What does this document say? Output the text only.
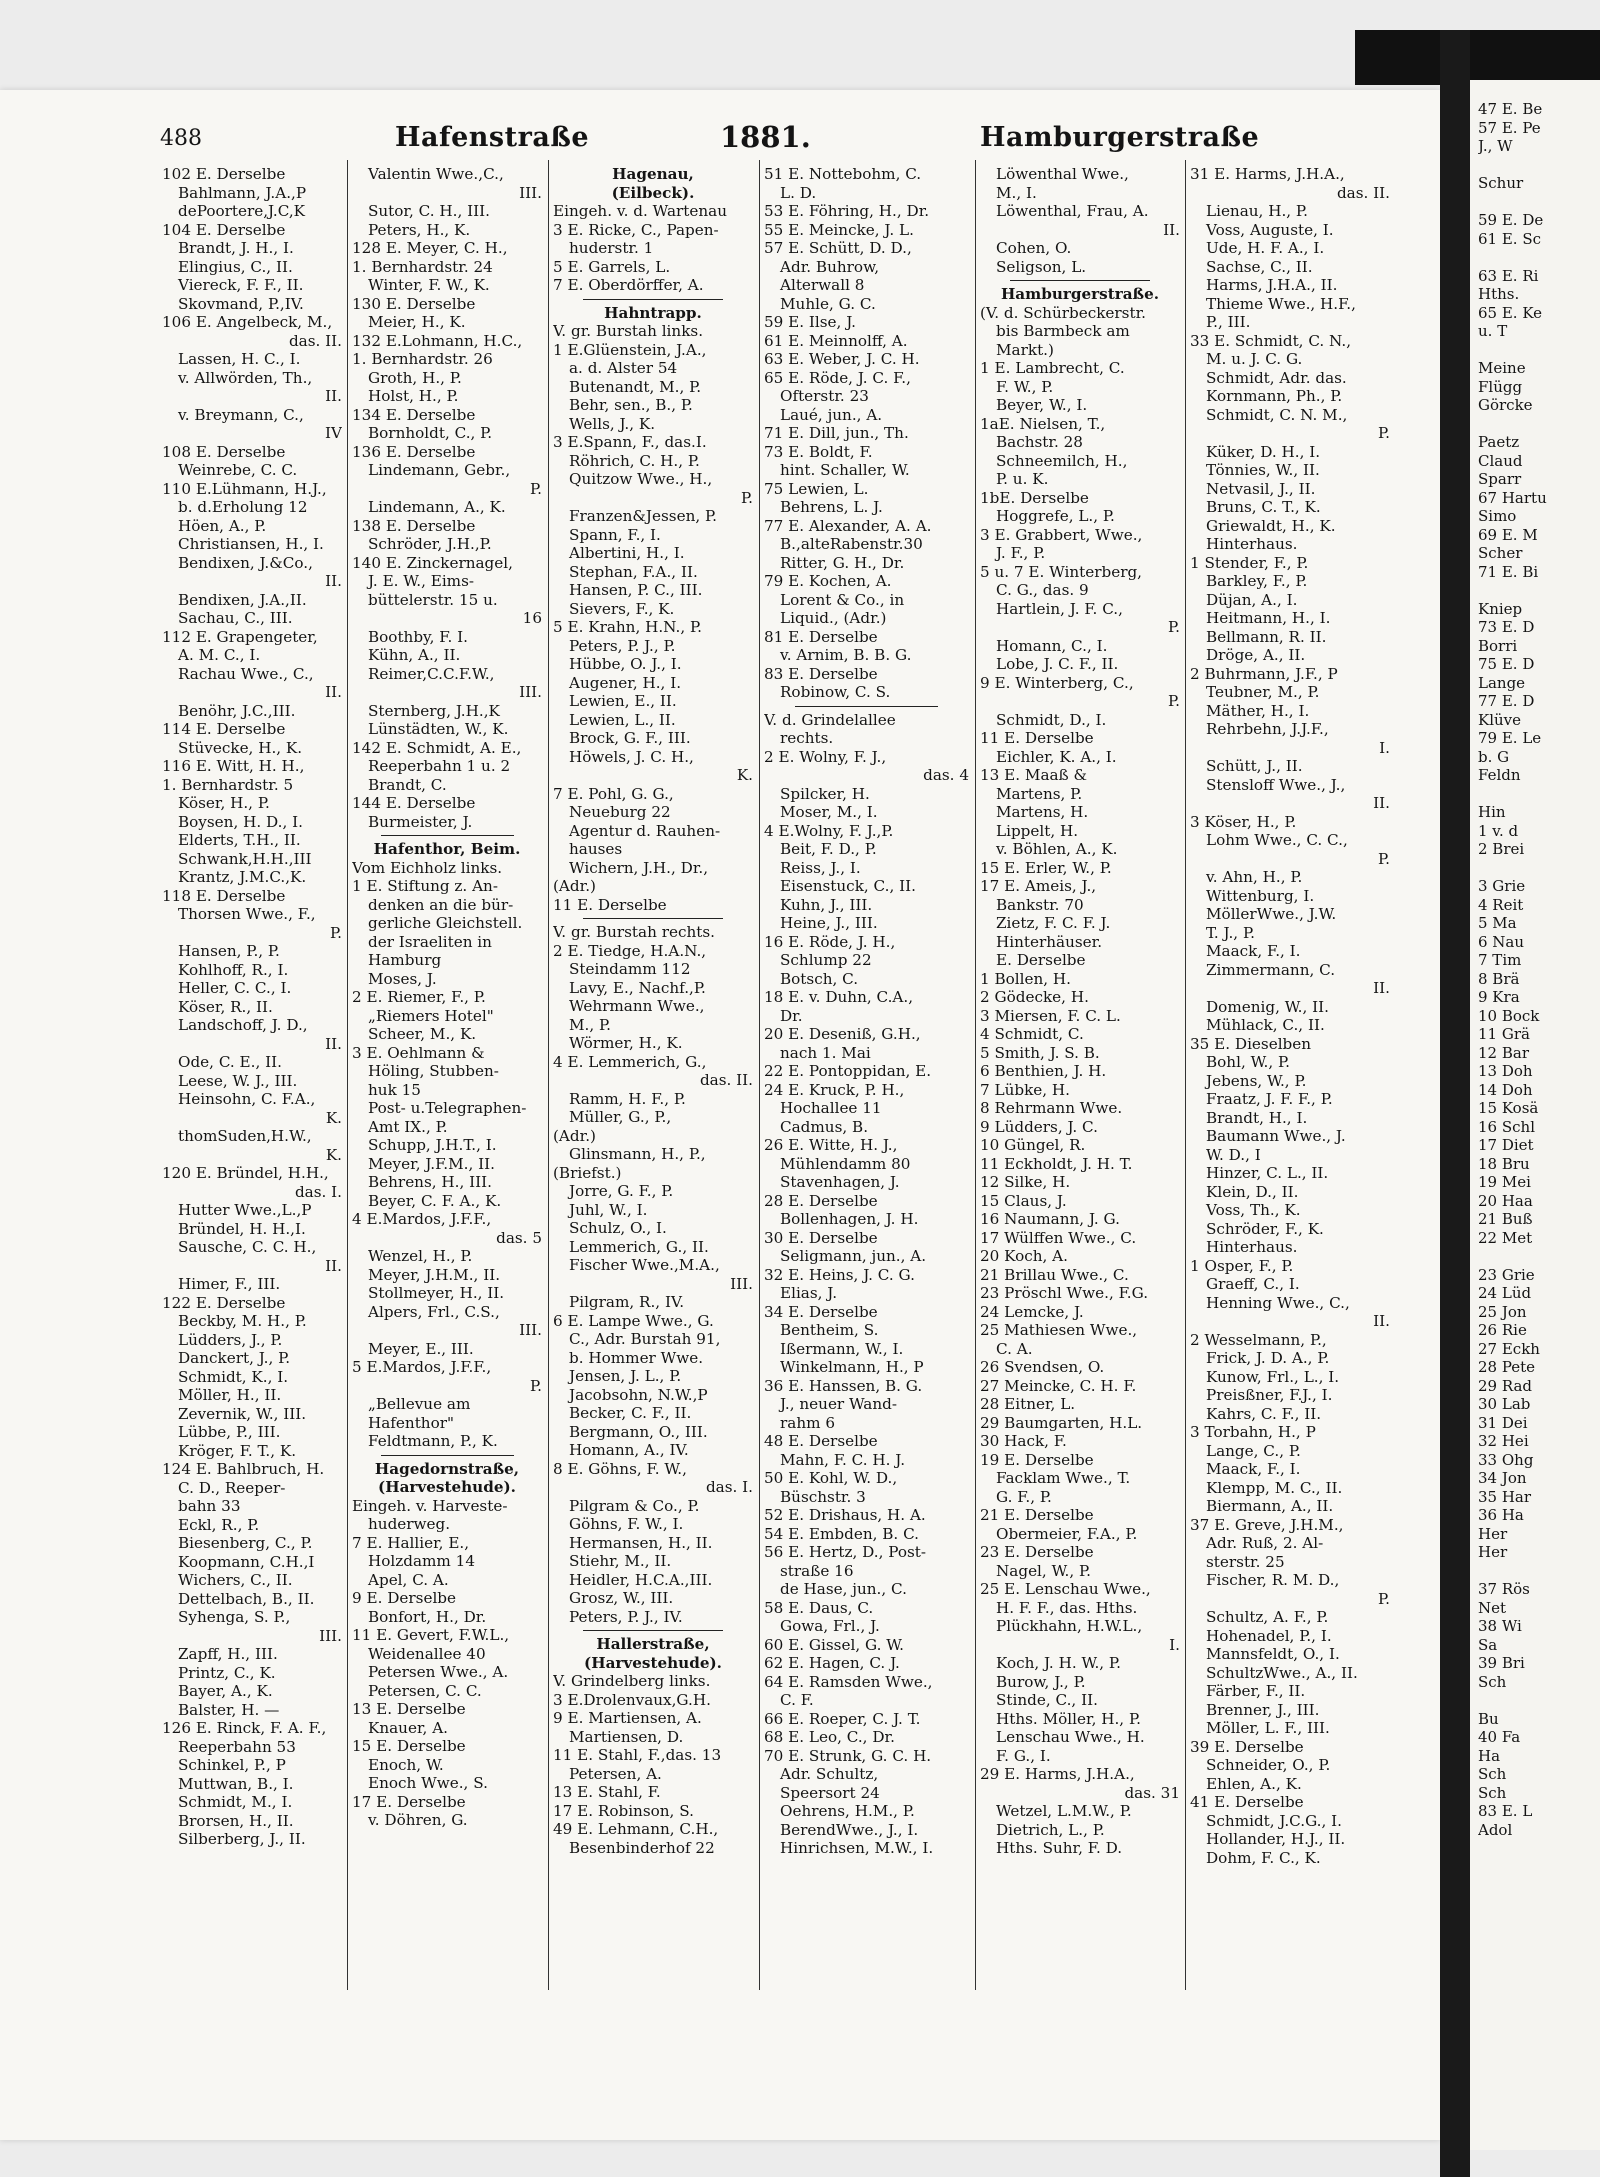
488	Hafenstraße	1881.	Hamburgerstraße
102 E. Derselbe
Bahlmann, J.A.,P
dePoortere,J.C,K
104 E. Derselbe
Brandt, J. H., I.
Elingius, C., II.
Viereck, F. F., II.
Skovmand, P.,IV.
106 E. Angelbeck, M.,
das. II.
Lassen, H. C., I.
v. Allwörden, Th.,
II.
v. Breymann, C.,
IV
108 E. Derselbe
Weinrebe, C. C.
110 E.Lühmann, H.J.,
b. d.Erholung 12
Höen, A., P.
Christiansen, H., I.
Bendixen, J.&Co.,
II.
Bendixen, J.A.,II.
Sachau, C., III.
112 E. Grapengeter,
A. M. C., I.
Rachau Wwe., C.,
II.
Benöhr, J.C.,III.
114 E. Derselbe
Stüvecke, H., K.
116 E. Witt, H. H.,
1. Bernhardstr. 5
Köser, H., P.
Boysen, H. D., I.
Elderts, T.H., II.
Schwank,H.H.,III
Krantz, J.M.C.,K.
118 E. Derselbe
Thorsen Wwe., F.,
P.
Hansen, P., P.
Kohlhoff, R., I.
Heller, C. C., I.
Köser, R., II.
Landschoff, J. D.,
II.
Ode, C. E., II.
Leese, W. J., III.
Heinsohn, C. F.A.,
K.
thomSuden,H.W.,
K.
120 E. Bründel, H.H.,
das. I.
Hutter Wwe.,L.,P
Bründel, H. H.,I.
Sausche, C. C. H.,
II.
Himer, F., III.
122 E. Derselbe
Beckby, M. H., P.
Lüdders, J., P.
Danckert, J., P.
Schmidt, K., I.
Möller, H., II.
Zevernik, W., III.
Lübbe, P., III.
Kröger, F. T., K.
124 E. Bahlbruch, H.
C. D., Reeper-
bahn 33
Eckl, R., P.
Biesenberg, C., P.
Koopmann, C.H.,I
Wichers, C., II.
Dettelbach, B., II.
Syhenga, S. P.,
III.
Zapff, H., III.
Printz, C., K.
Bayer, A., K.
Balster, H. —
126 E. Rinck, F. A. F.,
Reeperbahn 53
Schinkel, P., P
Muttwan, B., I.
Schmidt, M., I.
Brorsen, H., II.
Silberberg, J., II.
Valentin Wwe.,C.,
III.
Sutor, C. H., III.
Peters, H., K.
128 E. Meyer, C. H.,
1. Bernhardstr. 24
Winter, F. W., K.
130 E. Derselbe
Meier, H., K.
132 E.Lohmann, H.C.,
1. Bernhardstr. 26
Groth, H., P.
Holst, H., P.
134 E. Derselbe
Bornholdt, C., P.
136 E. Derselbe
Lindemann, Gebr.,
P.
Lindemann, A., K.
138 E. Derselbe
Schröder, J.H.,P.
140 E. Zinckernagel,
J. E. W., Eims-
büttelerstr. 15 u.
16
Boothby, F. I.
Kühn, A., II.
Reimer,C.C.F.W.,
III.
Sternberg, J.H.,K
Lünstädten, W., K.
142 E. Schmidt, A. E.,
Reeperbahn 1 u. 2
Brandt, C.
144 E. Derselbe
Burmeister, J.
Hafenthor, Beim.
Vom Eichholz links.
1 E. Stiftung z. An-
denken an die bür-
gerliche Gleichstell.
der Israeliten in
Hamburg
Moses, J.
2 E. Riemer, F., P.
„Riemers Hotel"
Scheer, M., K.
3 E. Oehlmann &
Höling, Stubben-
huk 15
Post- u.Telegraphen-
Amt IX., P.
Schupp, J.H.T., I.
Meyer, J.F.M., II.
Behrens, H., III.
Beyer, C. F. A., K.
4 E.Mardos, J.F.F.,
das. 5
Wenzel, H., P.
Meyer, J.H.M., II.
Stollmeyer, H., II.
Alpers, Frl., C.S.,
III.
Meyer, E., III.
5 E.Mardos, J.F.F.,
P.
„Bellevue am
Hafenthor"
Feldtmann, P., K.
Hagedornstraße,
(Harvestehude).
Eingeh. v. Harveste-
huderweg.
7 E. Hallier, E.,
Holzdamm 14
Apel, C. A.
9 E. Derselbe
Bonfort, H., Dr.
11 E. Gevert, F.W.L.,
Weidenallee 40
Petersen Wwe., A.
Petersen, C. C.
13 E. Derselbe
Knauer, A.
15 E. Derselbe
Enoch, W.
Enoch Wwe., S.
17 E. Derselbe
v. Döhren, G.
Hagenau,
(Eilbeck).
Eingeh. v. d. Wartenau
3 E. Ricke, C., Papen-
huderstr. 1
5 E. Garrels, L.
7 E. Oberdörffer, A.
Hahntrapp.
V. gr. Burstah links.
1 E.Glüenstein, J.A.,
a. d. Alster 54
Butenandt, M., P.
Behr, sen., B., P.
Wells, J., K.
3 E.Spann, F., das.I.
Röhrich, C. H., P.
Quitzow Wwe., H.,
P.
Franzen&Jessen, P.
Spann, F., I.
Albertini, H., I.
Stephan, F.A., II.
Hansen, P. C., III.
Sievers, F., K.
5 E. Krahn, H.N., P.
Peters, P. J., P.
Hübbe, O. J., I.
Augener, H., I.
Lewien, E., II.
Lewien, L., II.
Brock, G. F., III.
Höwels, J. C. H.,
K.
7 E. Pohl, G. G.,
Neueburg 22
Agentur d. Rauhen-
hauses
Wichern, J.H., Dr.,
(Adr.)
11 E. Derselbe
V. gr. Burstah rechts.
2 E. Tiedge, H.A.N.,
Steindamm 112
Lavy, E., Nachf.,P.
Wehrmann Wwe.,
M., P.
Wörmer, H., K.
4 E. Lemmerich, G.,
das. II.
Ramm, H. F., P.
Müller, G., P.,
(Adr.)
Glinsmann, H., P.,
(Briefst.)
Jorre, G. F., P.
Juhl, W., I.
Schulz, O., I.
Lemmerich, G., II.
Fischer Wwe.,M.A.,
III.
Pilgram, R., IV.
6 E. Lampe Wwe., G.
C., Adr. Burstah 91,
b. Hommer Wwe.
Jensen, J. L., P.
Jacobsohn, N.W.,P
Becker, C. F., II.
Bergmann, O., III.
Homann, A., IV.
8 E. Göhns, F. W.,
das. I.
Pilgram & Co., P.
Göhns, F. W., I.
Hermansen, H., II.
Stiehr, M., II.
Heidler, H.C.A.,III.
Grosz, W., III.
Peters, P. J., IV.
Hallerstraße,
(Harvestehude).
V. Grindelberg links.
3 E.Drolenvaux,G.H.
9 E. Martiensen, A.
Martiensen, D.
11 E. Stahl, F.,das. 13
Petersen, A.
13 E. Stahl, F.
17 E. Robinson, S.
49 E. Lehmann, C.H.,
Besenbinderhof 22
51 E. Nottebohm, C.
L. D.
53 E. Föhring, H., Dr.
55 E. Meincke, J. L.
57 E. Schütt, D. D.,
Adr. Buhrow,
Alterwall 8
Muhle, G. C.
59 E. Ilse, J.
61 E. Meinnolff, A.
63 E. Weber, J. C. H.
65 E. Röde, J. C. F.,
Ofterstr. 23
Laué, jun., A.
71 E. Dill, jun., Th.
73 E. Boldt, F.
hint. Schaller, W.
75 Lewien, L.
Behrens, L. J.
77 E. Alexander, A. A.
B.,alteRabenstr.30
Ritter, G. H., Dr.
79 E. Kochen, A.
Lorent & Co., in
Liquid., (Adr.)
81 E. Derselbe
v. Arnim, B. B. G.
83 E. Derselbe
Robinow, C. S.
V. d. Grindelallee
rechts.
2 E. Wolny, F. J.,
das. 4
Spilcker, H.
Moser, M., I.
4 E.Wolny, F. J.,P.
Beit, F. D., P.
Reiss, J., I.
Eisenstuck, C., II.
Kuhn, J., III.
Heine, J., III.
16 E. Röde, J. H.,
Schlump 22
Botsch, C.
18 E. v. Duhn, C.A.,
Dr.
20 E. Deseniß, G.H.,
nach 1. Mai
22 E. Pontoppidan, E.
24 E. Kruck, P. H.,
Hochallee 11
Cadmus, B.
26 E. Witte, H. J.,
Mühlendamm 80
Stavenhagen, J.
28 E. Derselbe
Bollenhagen, J. H.
30 E. Derselbe
Seligmann, jun., A.
32 E. Heins, J. C. G.
Elias, J.
34 E. Derselbe
Bentheim, S.
Ißermann, W., I.
Winkelmann, H., P
36 E. Hanssen, B. G.
J., neuer Wand-
rahm 6
48 E. Derselbe
Mahn, F. C. H. J.
50 E. Kohl, W. D.,
Büschstr. 3
52 E. Drishaus, H. A.
54 E. Embden, B. C.
56 E. Hertz, D., Post-
straße 16
de Hase, jun., C.
58 E. Daus, C.
Gowa, Frl., J.
60 E. Gissel, G. W.
62 E. Hagen, C. J.
64 E. Ramsden Wwe.,
C. F.
66 E. Roeper, C. J. T.
68 E. Leo, C., Dr.
70 E. Strunk, G. C. H.
Adr. Schultz,
Speersort 24
Oehrens, H.M., P.
BerendWwe., J., I.
Hinrichsen, M.W., I.
Löwenthal Wwe.,
M., I.
Löwenthal, Frau, A.
II.
Cohen, O.
Seligson, L.
Hamburgerstraße.
(V. d. Schürbeckerstr.
bis Barmbeck am
Markt.)
1 E. Lambrecht, C.
F. W., P.
Beyer, W., I.
1aE. Nielsen, T.,
Bachstr. 28
Schneemilch, H.,
P. u. K.
1bE. Derselbe
Hoggrefe, L., P.
3 E. Grabbert, Wwe.,
J. F., P.
5 u. 7 E. Winterberg,
C. G., das. 9
Hartlein, J. F. C.,
P.
Homann, C., I.
Lobe, J. C. F., II.
9 E. Winterberg, C.,
P.
Schmidt, D., I.
11 E. Derselbe
Eichler, K. A., I.
13 E. Maaß &
Martens, P.
Martens, H.
Lippelt, H.
v. Böhlen, A., K.
15 E. Erler, W., P.
17 E. Ameis, J.,
Bankstr. 70
Zietz, F. C. F. J.
Hinterhäuser.
E. Derselbe
1 Bollen, H.
2 Gödecke, H.
3 Miersen, F. C. L.
4 Schmidt, C.
5 Smith, J. S. B.
6 Benthien, J. H.
7 Lübke, H.
8 Rehrmann Wwe.
9 Lüdders, J. C.
10 Güngel, R.
11 Eckholdt, J. H. T.
12 Silke, H.
15 Claus, J.
16 Naumann, J. G.
17 Wülffen Wwe., C.
20 Koch, A.
21 Brillau Wwe., C.
23 Pröschl Wwe., F.G.
24 Lemcke, J.
25 Mathiesen Wwe.,
C. A.
26 Svendsen, O.
27 Meincke, C. H. F.
28 Eitner, L.
29 Baumgarten, H.L.
30 Hack, F.
19 E. Derselbe
Facklam Wwe., T.
G. F., P.
21 E. Derselbe
Obermeier, F.A., P.
23 E. Derselbe
Nagel, W., P.
25 E. Lenschau Wwe.,
H. F. F., das. Hths.
Plückhahn, H.W.L.,
I.
Koch, J. H. W., P.
Burow, J., P.
Stinde, C., II.
Hths. Möller, H., P.
Lenschau Wwe., H.
F. G., I.
29 E. Harms, J.H.A.,
das. 31
Wetzel, L.M.W., P.
Dietrich, L., P.
Hths. Suhr, F. D.
31 E. Harms, J.H.A.,
das. II.
Lienau, H., P.
Voss, Auguste, I.
Ude, H. F. A., I.
Sachse, C., II.
Harms, J.H.A., II.
Thieme Wwe., H.F.,
P., III.
33 E. Schmidt, C. N.,
M. u. J. C. G.
Schmidt, Adr. das.
Kornmann, Ph., P.
Schmidt, C. N. M.,
P.
Küker, D. H., I.
Tönnies, W., II.
Netvasil, J., II.
Bruns, C. T., K.
Griewaldt, H., K.
Hinterhaus.
1 Stender, F., P.
Barkley, F., P.
Düjan, A., I.
Heitmann, H., I.
Bellmann, R. II.
Dröge, A., II.
2 Buhrmann, J.F., P
Teubner, M., P.
Mäther, H., I.
Rehrbehn, J.J.F.,
I.
Schütt, J., II.
Stensloff Wwe., J.,
II.
3 Köser, H., P.
Lohm Wwe., C. C.,
P.
v. Ahn, H., P.
Wittenburg, I.
MöllerWwe., J.W.
T. J., P.
Maack, F., I.
Zimmermann, C.
II.
Domenig, W., II.
Mühlack, C., II.
35 E. Dieselben
Bohl, W., P.
Jebens, W., P.
Fraatz, J. F. F., P.
Brandt, H., I.
Baumann Wwe., J.
W. D., I
Hinzer, C. L., II.
Klein, D., II.
Voss, Th., K.
Schröder, F., K.
Hinterhaus.
1 Osper, F., P.
Graeff, C., I.
Henning Wwe., C.,
II.
2 Wesselmann, P.,
Frick, J. D. A., P.
Kunow, Frl., L., I.
Preisßner, F.J., I.
Kahrs, C. F., II.
3 Torbahn, H., P
Lange, C., P.
Maack, F., I.
Klempp, M. C., II.
Biermann, A., II.
37 E. Greve, J.H.M.,
Adr. Ruß, 2. Al-
sterstr. 25
Fischer, R. M. D.,
P.
Schultz, A. F., P.
Hohenadel, P., I.
Mannsfeldt, O., I.
SchultzWwe., A., II.
Färber, F., II.
Brenner, J., III.
Möller, L. F., III.
39 E. Derselbe
Schneider, O., P.
Ehlen, A., K.
41 E. Derselbe
Schmidt, J.C.G., I.
Hollander, H.J., II.
Dohm, F. C., K.
47 E. Be
57 E. Pe
J., W
Schur
59 E. De
61 E. Sc
63 E. Ri
Hths.
65 E. Ke
u. T
Meine
Flügg
Görcke
Paetz
Claud
Sparr
67 Hartu
Simo
69 E. M
Scher
71 E. Bi
Kniep
73 E. D
Borri
75 E. D
Lange
77 E. D
Klüve
79 E. Le
b. G
Feldn
Hin
1 v. d
2 Brei
3 Grie
4 Reit
5 Ma
6 Nau
7 Tim
8 Brä
9 Kra
10 Bock
11 Grä
12 Bar
13 Doh
14 Doh
15 Kosä
16 Schl
17 Diet
18 Bru
19 Mei
20 Haa
21 Buß
22 Met
23 Grie
24 Lüd
25 Jon
26 Rie
27 Eckh
28 Pete
29 Rad
30 Lab
31 Dei
32 Hei
33 Ohg
34 Jon
35 Har
36 Ha
Her
Her
37 Rös
Net
38 Wi
Sa
39 Bri
Sch
Bu
40 Fa
Ha
Sch
Sch
83 E. L
Adol
